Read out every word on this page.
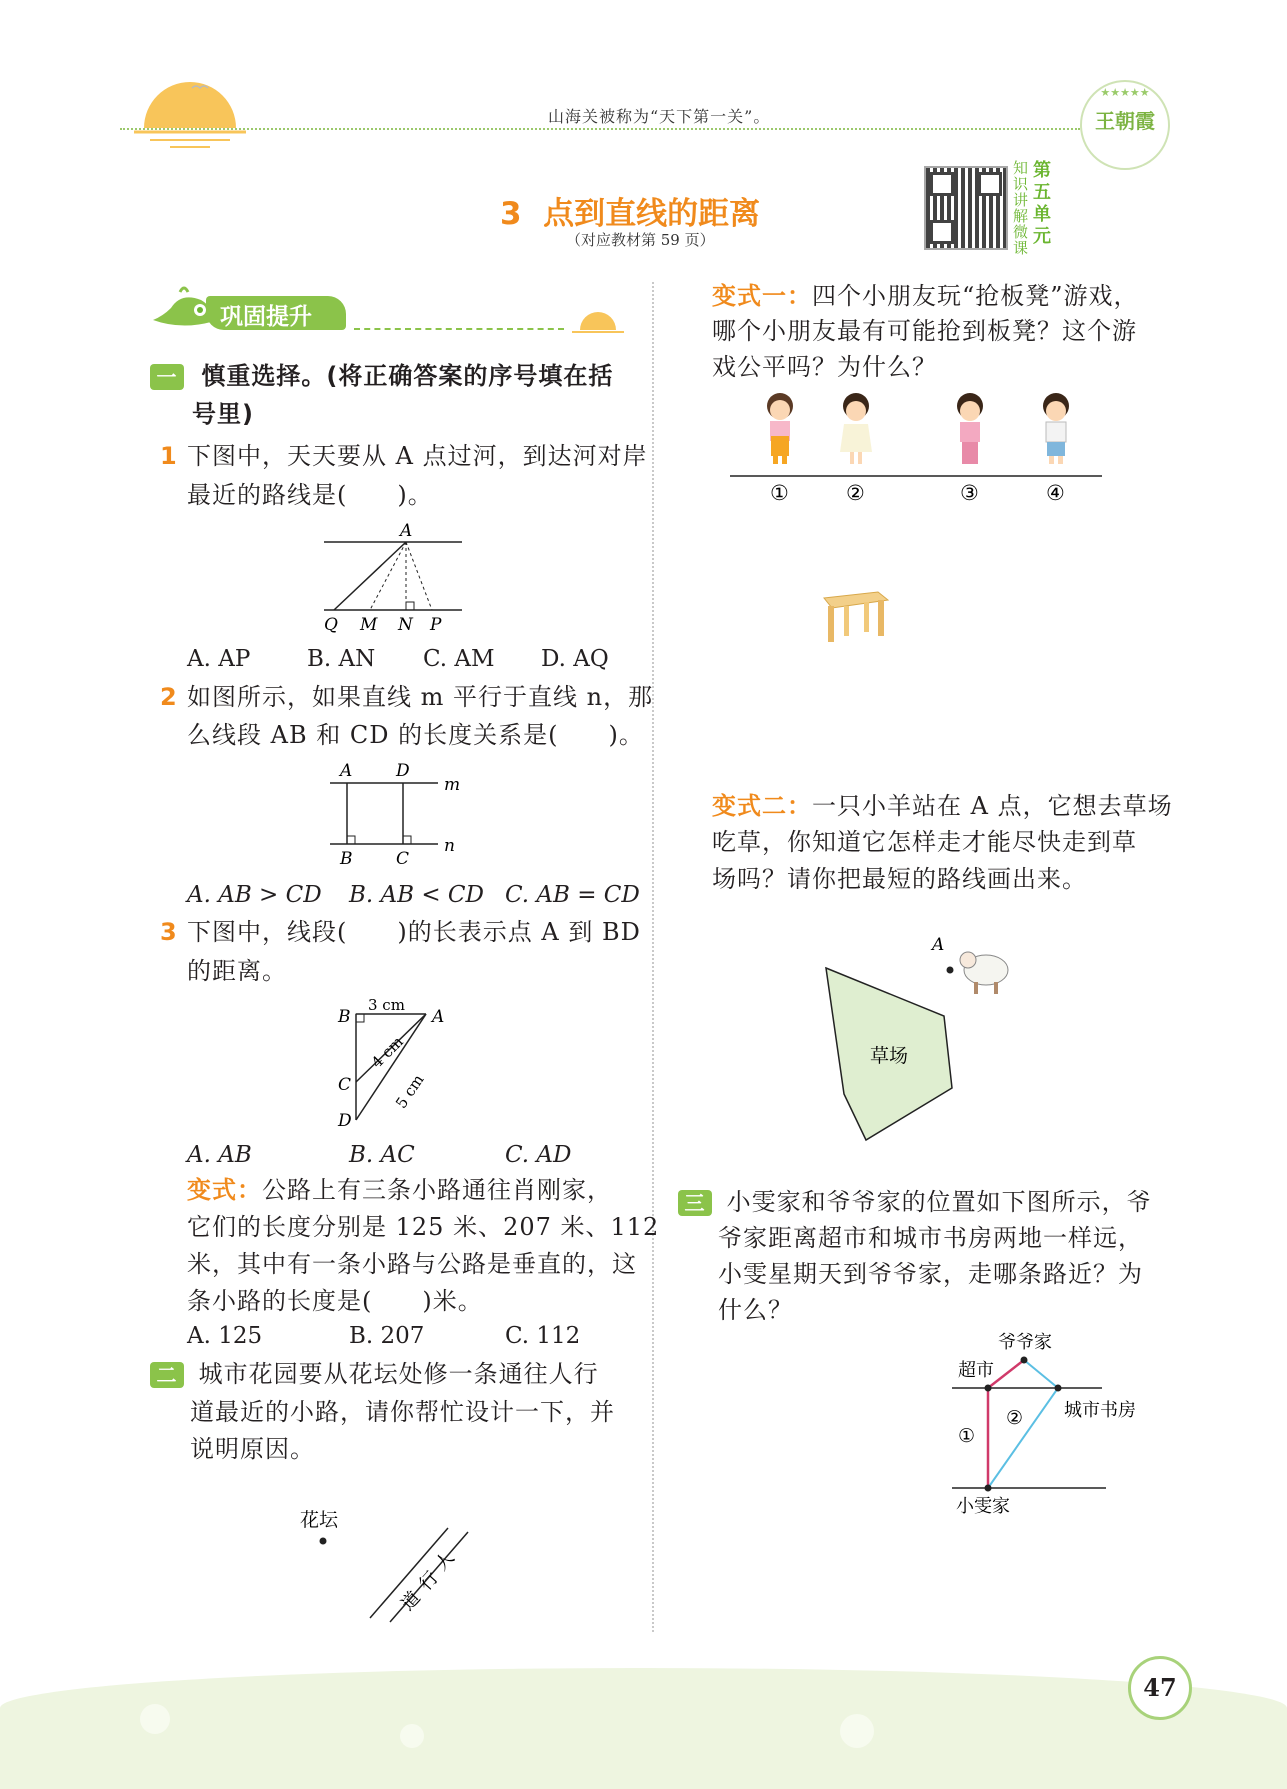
山海关被称为“天下第一关”。
★★★★★
王朝霞
3  点到直线的距离
（对应教材第 59 页）
知
识
讲
解
微
课
第
五
单
元
巩固提升
一 慎重选择。(将正确答案的序号填在括
号里)
1 下图中，天天要从 A 点过河，到达河对岸
最近的路线是(　　)。
A
Q M N P
A. AP B. AN C. AM D. AQ
2 如图所示，如果直线 m 平行于直线 n，那
么线段 AB 和 CD 的长度关系是(　　)。
A	D
m
B	C
n
A. AB > CD B. AB < CD C. AB = CD
3 下图中，线段(　　)的长表示点 A 到 BD
的距离。
B	A
C
D
3 cm
4 cm
5 cm
A. AB	B. AC	C. AD
变式：公路上有三条小路通往肖刚家，
它们的长度分别是 125 米、207 米、112
米，其中有一条小路与公路是垂直的，这
条小路的长度是(　　)米。
A. 125	B. 207	C. 112
二 城市花园要从花坛处修一条通往人行
道最近的小路，请你帮忙设计一下，并
说明原因。
花坛
人
行
道
变式一：四个小朋友玩“抢板凳”游戏，
哪个小朋友最有可能抢到板凳？这个游
戏公平吗？为什么？
①	②	③	④
变式二：一只小羊站在 A 点，它想去草场
吃草，你知道它怎样走才能尽快走到草
场吗？请你把最短的路线画出来。
草场
A
三 小雯家和爷爷家的位置如下图所示，爷
爷家距离超市和城市书房两地一样远，
小雯星期天到爷爷家，走哪条路近？为
什么？
爷爷家
超市
城市书房
①
②
小雯家
47
